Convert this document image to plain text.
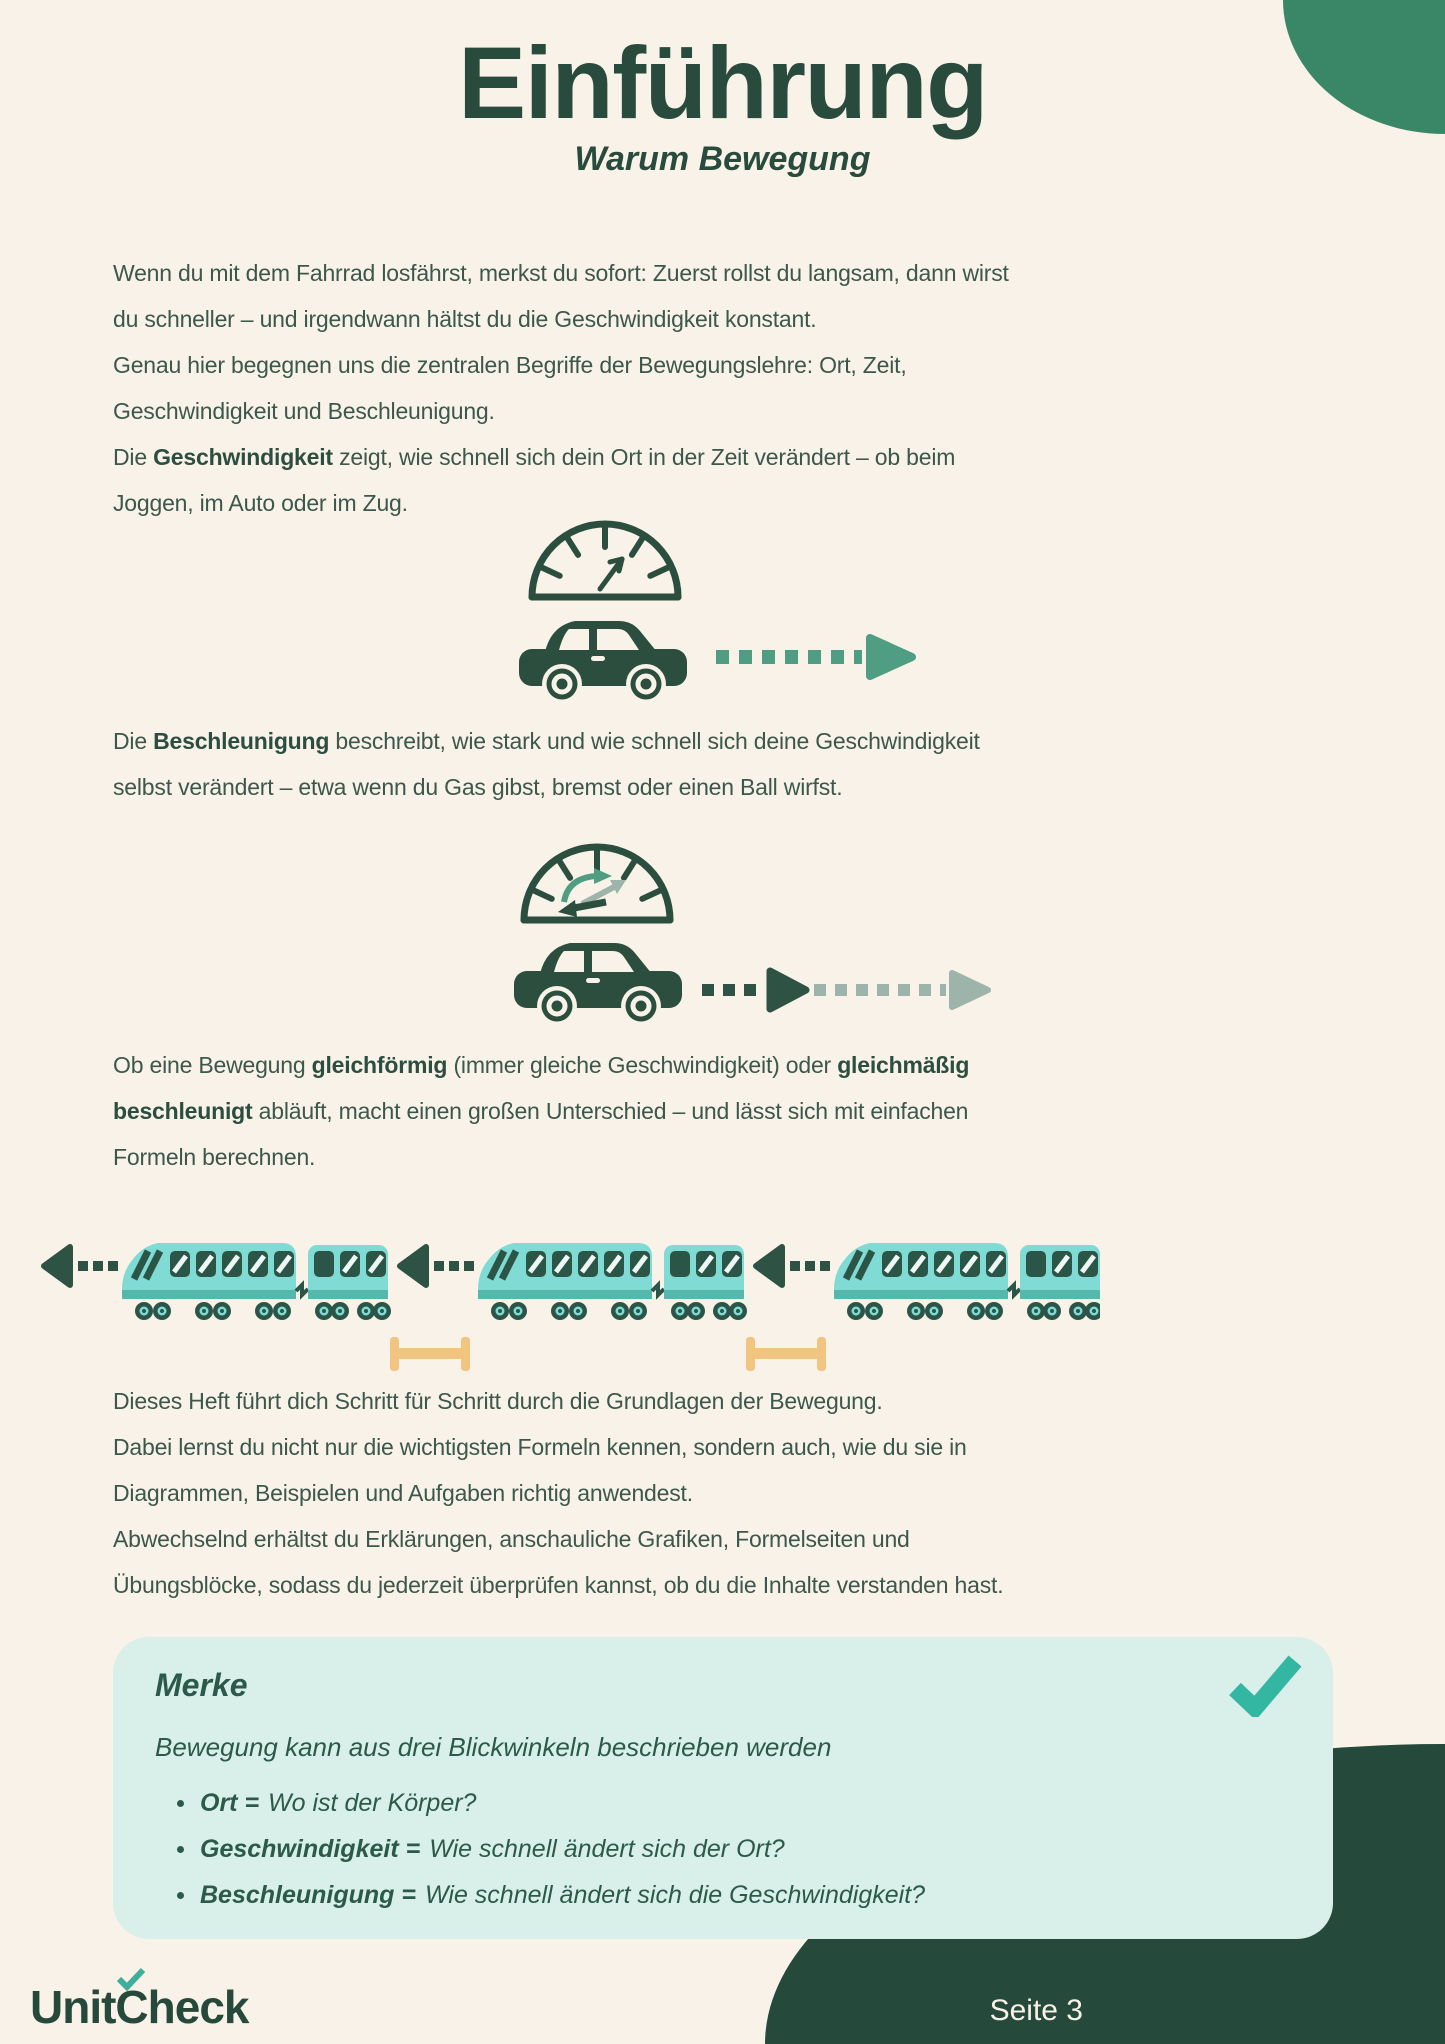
Einführung
Warum Bewegung
Wenn du mit dem Fahrrad losfährst, merkst du sofort: Zuerst rollst du langsam, dann wirst du schneller – und irgendwann hältst du die Geschwindigkeit konstant.
Genau hier begegnen uns die zentralen Begriffe der Bewegungslehre: Ort, Zeit, Geschwindigkeit und Beschleunigung.
Die Geschwindigkeit zeigt, wie schnell sich dein Ort in der Zeit verändert – ob beim Joggen, im Auto oder im Zug.
Die Beschleunigung beschreibt, wie stark und wie schnell sich deine Geschwindigkeit selbst verändert – etwa wenn du Gas gibst, bremst oder einen Ball wirfst.
Ob eine Bewegung gleichförmig (immer gleiche Geschwindigkeit) oder gleichmäßig beschleunigt abläuft, macht einen großen Unterschied – und lässt sich mit einfachen Formeln berechnen.
Dieses Heft führt dich Schritt für Schritt durch die Grundlagen der Bewegung.
Dabei lernst du nicht nur die wichtigsten Formeln kennen, sondern auch, wie du sie in Diagrammen, Beispielen und Aufgaben richtig anwendest.
Abwechselnd erhältst du Erklärungen, anschauliche Grafiken, Formelseiten und Übungsblöcke, sodass du jederzeit überprüfen kannst, ob du die Inhalte verstanden hast.
Merke
Bewegung kann aus drei Blickwinkeln beschrieben werden
Ort = Wo ist der Körper?
Geschwindigkeit = Wie schnell ändert sich der Ort?
Beschleunigung = Wie schnell ändert sich die Geschwindigkeit?
UnitCheck	Seite 3
